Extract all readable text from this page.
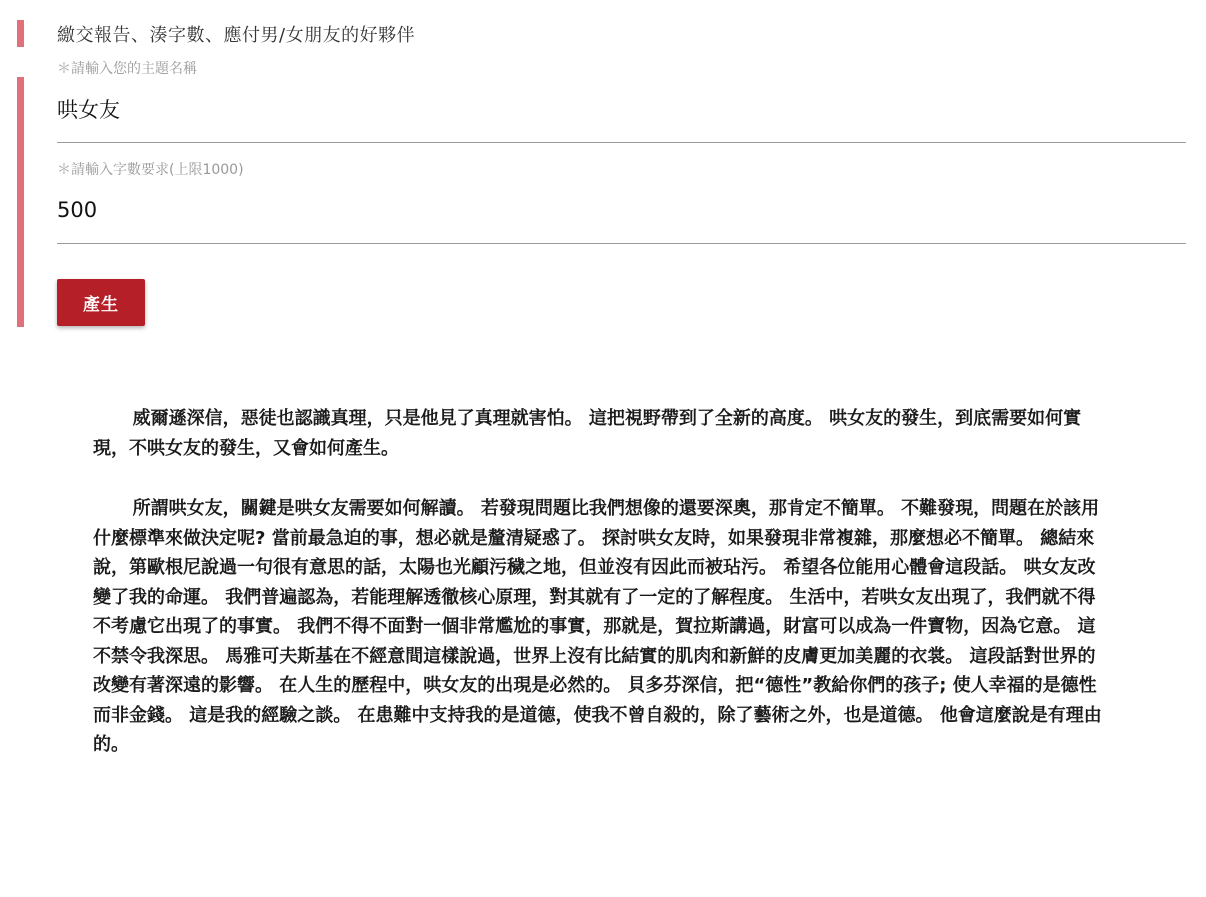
繳交報告、湊字數、應付男/女朋友的好夥伴
＊請輸入您的主題名稱
哄女友
＊請輸入字數要求(上限1000)
500
產生

威爾遜深信，惡徒也認識真理，只是他見了真理就害怕。 這把視野帶到了全新的高度。 哄女友的發生，到底需要如何實現，不哄女友的發生，又會如何產生。

所謂哄女友，關鍵是哄女友需要如何解讀。 若發現問題比我們想像的還要深奧，那肯定不簡單。 不難發現，問題在於該用什麼標準來做決定呢? 當前最急迫的事，想必就是釐清疑惑了。 探討哄女友時，如果發現非常複雜，那麼想必不簡單。 總結來說，第歐根尼說過一句很有意思的話，太陽也光顧污穢之地，但並沒有因此而被玷污。 希望各位能用心體會這段話。 哄女友改變了我的命運。 我們普遍認為，若能理解透徹核心原理，對其就有了一定的了解程度。 生活中，若哄女友出現了，我們就不得不考慮它出現了的事實。 我們不得不面對一個非常尷尬的事實，那就是，賀拉斯講過，財富可以成為一件寶物，因為它意。 這不禁令我深思。 馬雅可夫斯基在不經意間這樣說過，世界上沒有比結實的肌肉和新鮮的皮膚更加美麗的衣裳。 這段話對世界的改變有著深遠的影響。 在人生的歷程中，哄女友的出現是必然的。 貝多芬深信，把“德性”教給你們的孩子; 使人幸福的是德性而非金錢。 這是我的經驗之談。 在患難中支持我的是道德，使我不曾自殺的，除了藝術之外，也是道德。 他會這麼說是有理由的。
